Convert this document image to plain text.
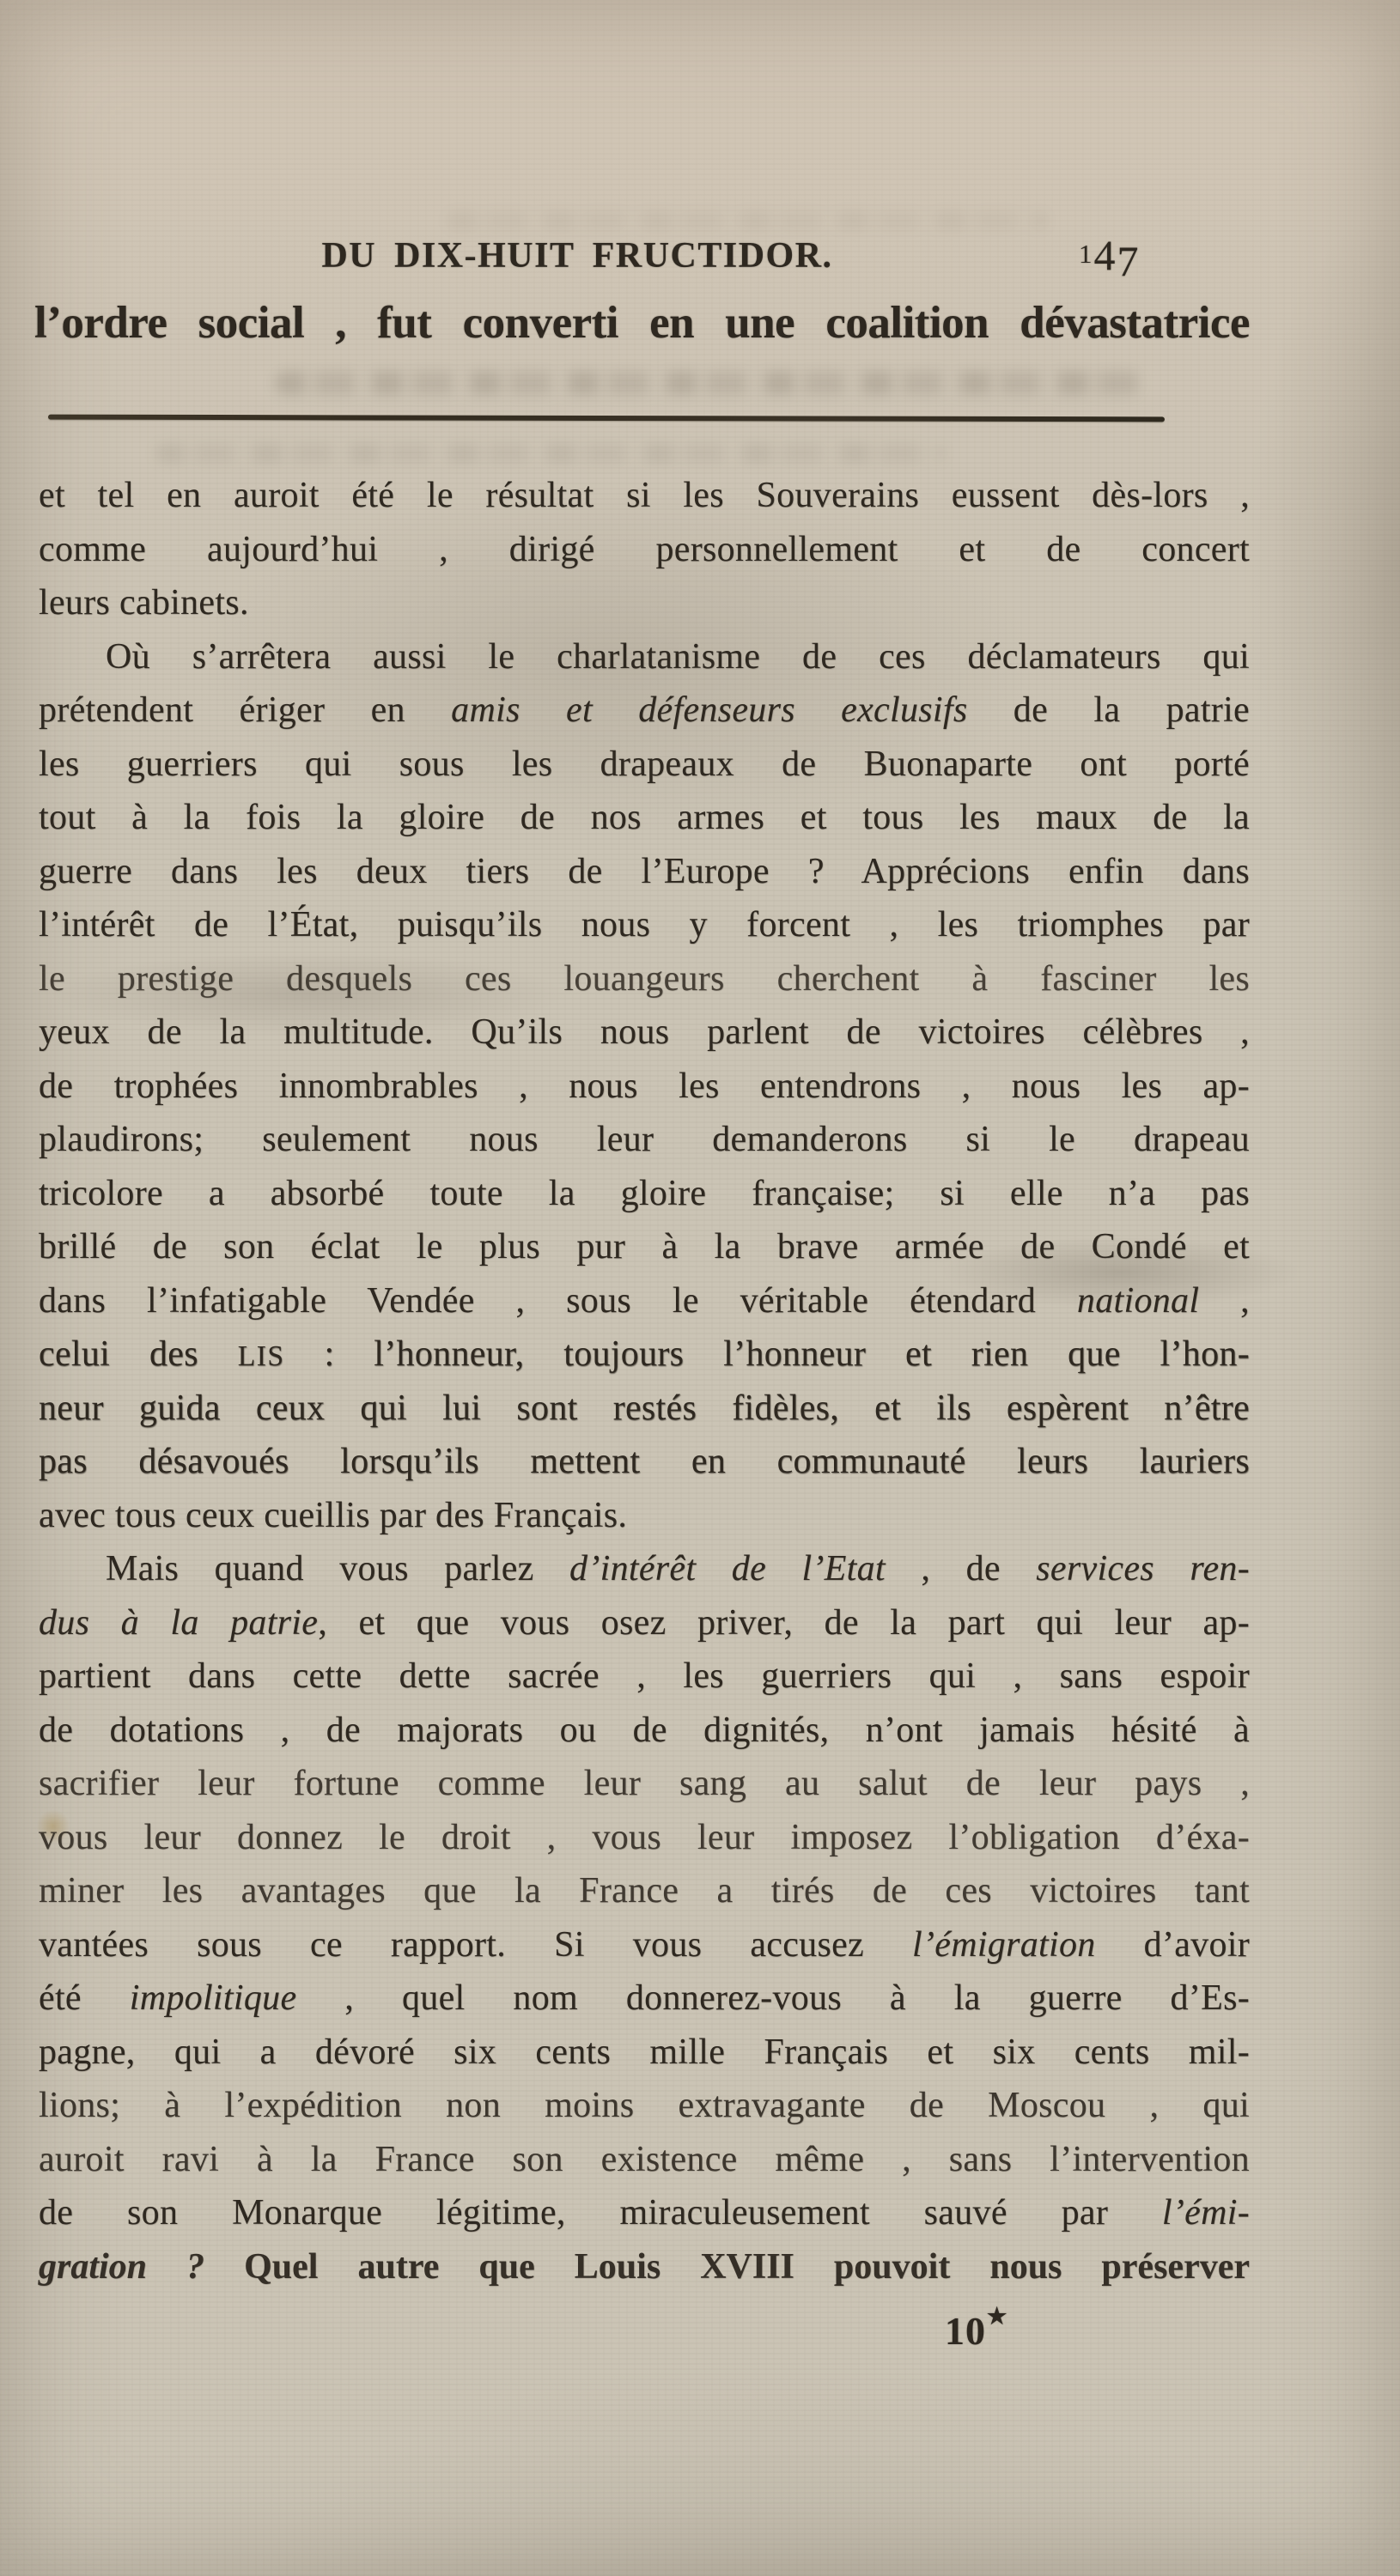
DU DIX-HUIT FRUCTIDOR.	147
l’ordre social , fut converti en une coalition dévastatrice
et tel en auroit été le résultat si les Souverains eussent dès-lors ,
comme aujourd’hui , dirigé personnellement et de concert
leurs cabinets.
Où s’arrêtera aussi le charlatanisme de ces déclamateurs qui
prétendent ériger en amis et défenseurs exclusifs de la patrie
les guerriers qui sous les drapeaux de Buonaparte ont porté
tout à la fois la gloire de nos armes et tous les maux de la
guerre dans les deux tiers de l’Europe ? Apprécions enfin dans
l’intérêt de l’État, puisqu’ils nous y forcent , les triomphes par
le prestige desquels ces louangeurs cherchent à fasciner les
yeux de la multitude. Qu’ils nous parlent de victoires célèbres ,
de trophées innombrables , nous les entendrons , nous les ap-
plaudirons; seulement nous leur demanderons si le drapeau
tricolore a absorbé toute la gloire française; si elle n’a pas
brillé de son éclat le plus pur à la brave armée de Condé et
dans l’infatigable Vendée , sous le véritable étendard national ,
celui des LIS : l’honneur, toujours l’honneur et rien que l’hon-
neur guida ceux qui lui sont restés fidèles, et ils espèrent n’être
pas désavoués lorsqu’ils mettent en communauté leurs lauriers
avec tous ceux cueillis par des Français.
Mais quand vous parlez d’intérêt de l’Etat , de services ren-
dus à la patrie, et que vous osez priver, de la part qui leur ap-
partient dans cette dette sacrée , les guerriers qui , sans espoir
de dotations , de majorats ou de dignités, n’ont jamais hésité à
sacrifier leur fortune comme leur sang au salut de leur pays ,
vous leur donnez le droit , vous leur imposez l’obligation d’éxa-
miner les avantages que la France a tirés de ces victoires tant
vantées sous ce rapport. Si vous accusez l’émigration d’avoir
été impolitique , quel nom donnerez-vous à la guerre d’Es-
pagne, qui a dévoré six cents mille Français et six cents mil-
lions; à l’expédition non moins extravagante de Moscou , qui
auroit ravi à la France son existence même , sans l’intervention
de son Monarque légitime, miraculeusement sauvé par l’émi-
gration ? Quel autre que Louis XVIII pouvoit nous préserver
10★
